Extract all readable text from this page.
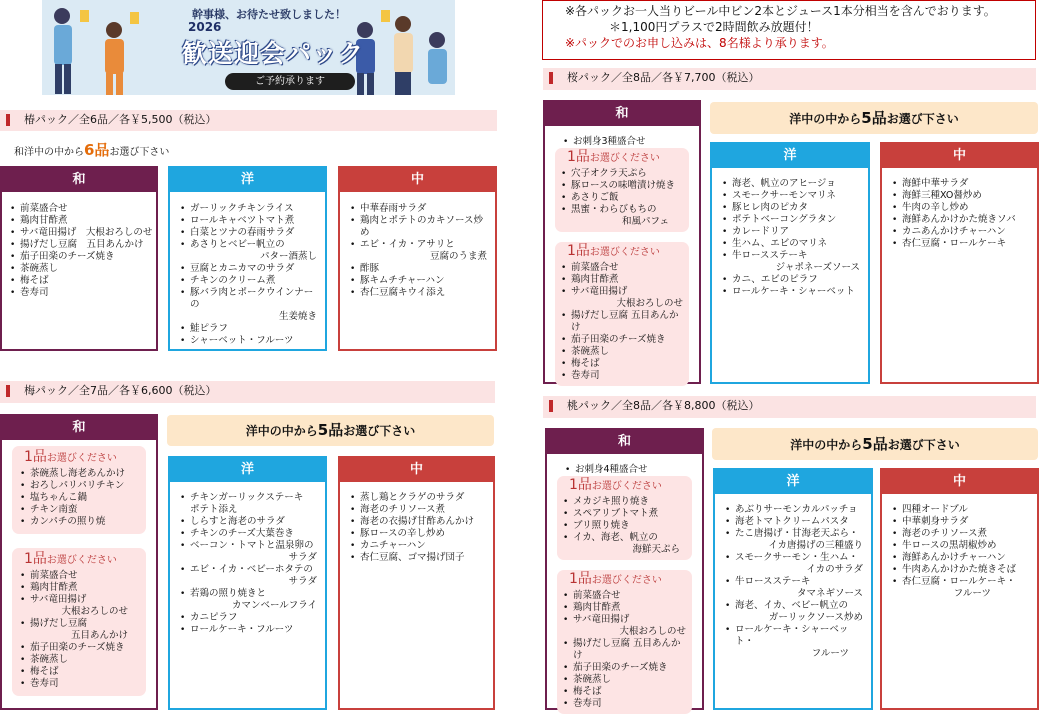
幹事様、お待たせ致しました！
2026
歓送迎会パック
ご予約承ります
※各パックお一人当りビール中ビン2本とジュース1本分相当を含んでおります。
＊1,100円プラスで2時間飲み放題付！
※パックでのお申し込みは、8名様より承ります。
椿パック／全6品／各￥5,500（税込）
和洋中の中から6品お選び下さい
和
• 前菜盛合せ
• 鶏肉甘酢煮
• サバ竜田揚げ　大根おろしのせ
• 揚げだし豆腐　五目あんかけ
• 茄子田楽のチーズ焼き
• 茶碗蒸し
• 梅そば
• 巻寿司
洋
• ガーリックチキンライス
• ロールキャベツトマト煮
• 白菜とツナの春雨サラダ
• あさりとベビー帆立の
パター酒蒸し
• 豆腐とカニカマのサラダ
• チキンのクリーム煮
• 豚バラ肉とポークウインナーの
生姜焼き
• 鮭ピラフ
• シャーベット・フルーツ
中
• 中華春雨サラダ
• 鶏肉とポテトのカキソース炒め
• エビ・イカ・アサリと
豆腐のうま煮
• 酢豚
• 豚キムチチャーハン
• 杏仁豆腐キウイ添え
梅パック／全7品／各￥6,600（税込）
和
1品お選びください
• 茶碗蒸し海老あんかけ
• おろしパリパリチキン
• 塩ちゃんこ鍋
• チキン南蛮
• カンパチの照り焼
1品お選びください
• 前菜盛合せ
• 鶏肉甘酢煮
• サバ竜田揚げ
大根おろしのせ
• 揚げだし豆腐
五目あんかけ
• 茄子田楽のチーズ焼き
• 茶碗蒸し
• 梅そば
• 巻寿司
洋中の中から5品お選び下さい
洋
• チキンガーリックステーキ
ポテト添え
• しらすと海老のサラダ
• チキンのチーズ大葉巻き
• ベーコン・トマトと温泉卵の
サラダ
• エビ・イカ・ベビーホタテの
サラダ
• 若鶏の照り焼きと
カマンベールフライ
• カニピラフ
• ロールケーキ・フルーツ
中
• 蒸し鶏とクラゲのサラダ
• 海老のチリソース煮
• 海老の衣揚げ甘酢あんかけ
• 豚ロースの辛し炒め
• カニチャーハン
• 杏仁豆腐、ゴマ揚げ団子
桜パック／全8品／各￥7,700（税込）
和
• お刺身3種盛合せ
1品お選びください
• 穴子オクラ天ぷら
• 豚ロースの味噌漬け焼き
• あさりご飯
• 黒蜜・わらびもちの
和風パフェ
1品お選びください
• 前菜盛合せ
• 鶏肉甘酢煮
• サバ竜田揚げ
大根おろしのせ
• 揚げだし豆腐 五目あんかけ
• 茄子田楽のチーズ焼き
• 茶碗蒸し
• 梅そば
• 巻寿司
洋中の中から5品お選び下さい
洋
• 海老、帆立のアヒージョ
• スモークサーモンマリネ
• 豚ヒレ肉のピカタ
• ポテトベーコングラタン
• カレードリア
• 生ハム、エビのマリネ
• 牛ロースステーキ
ジャポネーズソース
• カニ、エビのピラフ
• ロールケーキ・シャーベット
中
• 海鮮中華サラダ
• 海鮮三種XO醤炒め
• 牛肉の辛し炒め
• 海鮮あんかけかた焼きソバ
• カニあんかけチャーハン
• 杏仁豆腐・ロールケーキ
桃パック／全8品／各￥8,800（税込）
和
• お刺身4種盛合せ
1品お選びください
• メカジキ照り焼き
• スペアリブトマト煮
• ブリ照り焼き
• イカ、海老、帆立の
海鮮天ぷら
1品お選びください
• 前菜盛合せ
• 鶏肉甘酢煮
• サバ竜田揚げ
大根おろしのせ
• 揚げだし豆腐 五目あんかけ
• 茄子田楽のチーズ焼き
• 茶碗蒸し
• 梅そば
• 巻寿司
洋中の中から5品お選び下さい
洋
• あぶりサーモンカルパッチョ
• 海老トマトクリームパスタ
• たこ唐揚げ・甘海老天ぷら・
イカ唐揚げの三種盛り
• スモークサーモン・生ハム・
イカのサラダ
• 牛ロースステーキ
タマネギソース
• 海老、イカ、ベビー帆立の
ガーリックソース炒め
• ロールケーキ・シャーベット・
フルーツ
中
• 四種オードブル
• 中華刺身サラダ
• 海老のチリソース煮
• 牛ロースの黒胡椒炒め
• 海鮮あんかけチャーハン
• 牛肉あんかけかた焼きそば
• 杏仁豆腐・ロールケーキ・
フルーツ
